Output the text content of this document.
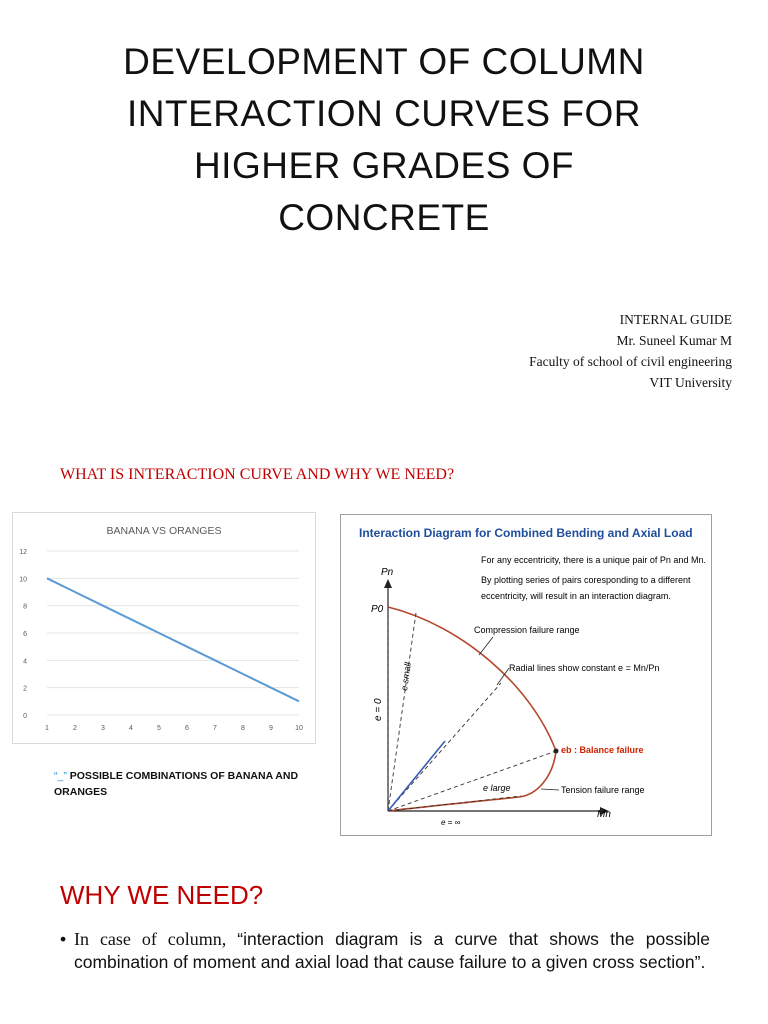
DEVELOPMENT OF COLUMN
INTERACTION CURVES FOR
HIGHER GRADES OF
CONCRETE
INTERNAL GUIDE
Mr. Suneel Kumar M
Faculty of school of civil engineering
VIT University
WHAT IS INTERACTION CURVE AND WHY WE NEED?
BANANA VS ORANGES
0
2
4
6
8
10
12
1	2	3	4	5	6	7	8	9	10
“_” POSSIBLE COMBINATIONS OF BANANA AND ORANGES
Interaction Diagram for Combined Bending and Axial Load
For any eccentricity, there is a unique pair of Pn and Mn.
By plotting series of pairs coresponding to a different
eccentricity, will result in an interaction diagram.
Pn
Mn
P0
e = 0
e small
e large
e = ∞
Compression failure range
Radial lines show constant e = Mn/Pn
eb : Balance failure
Tension failure range
WHY WE NEED?
• In case of column, “interaction diagram is a curve that shows the possible combination of moment and axial load that cause failure to a given cross section”.
